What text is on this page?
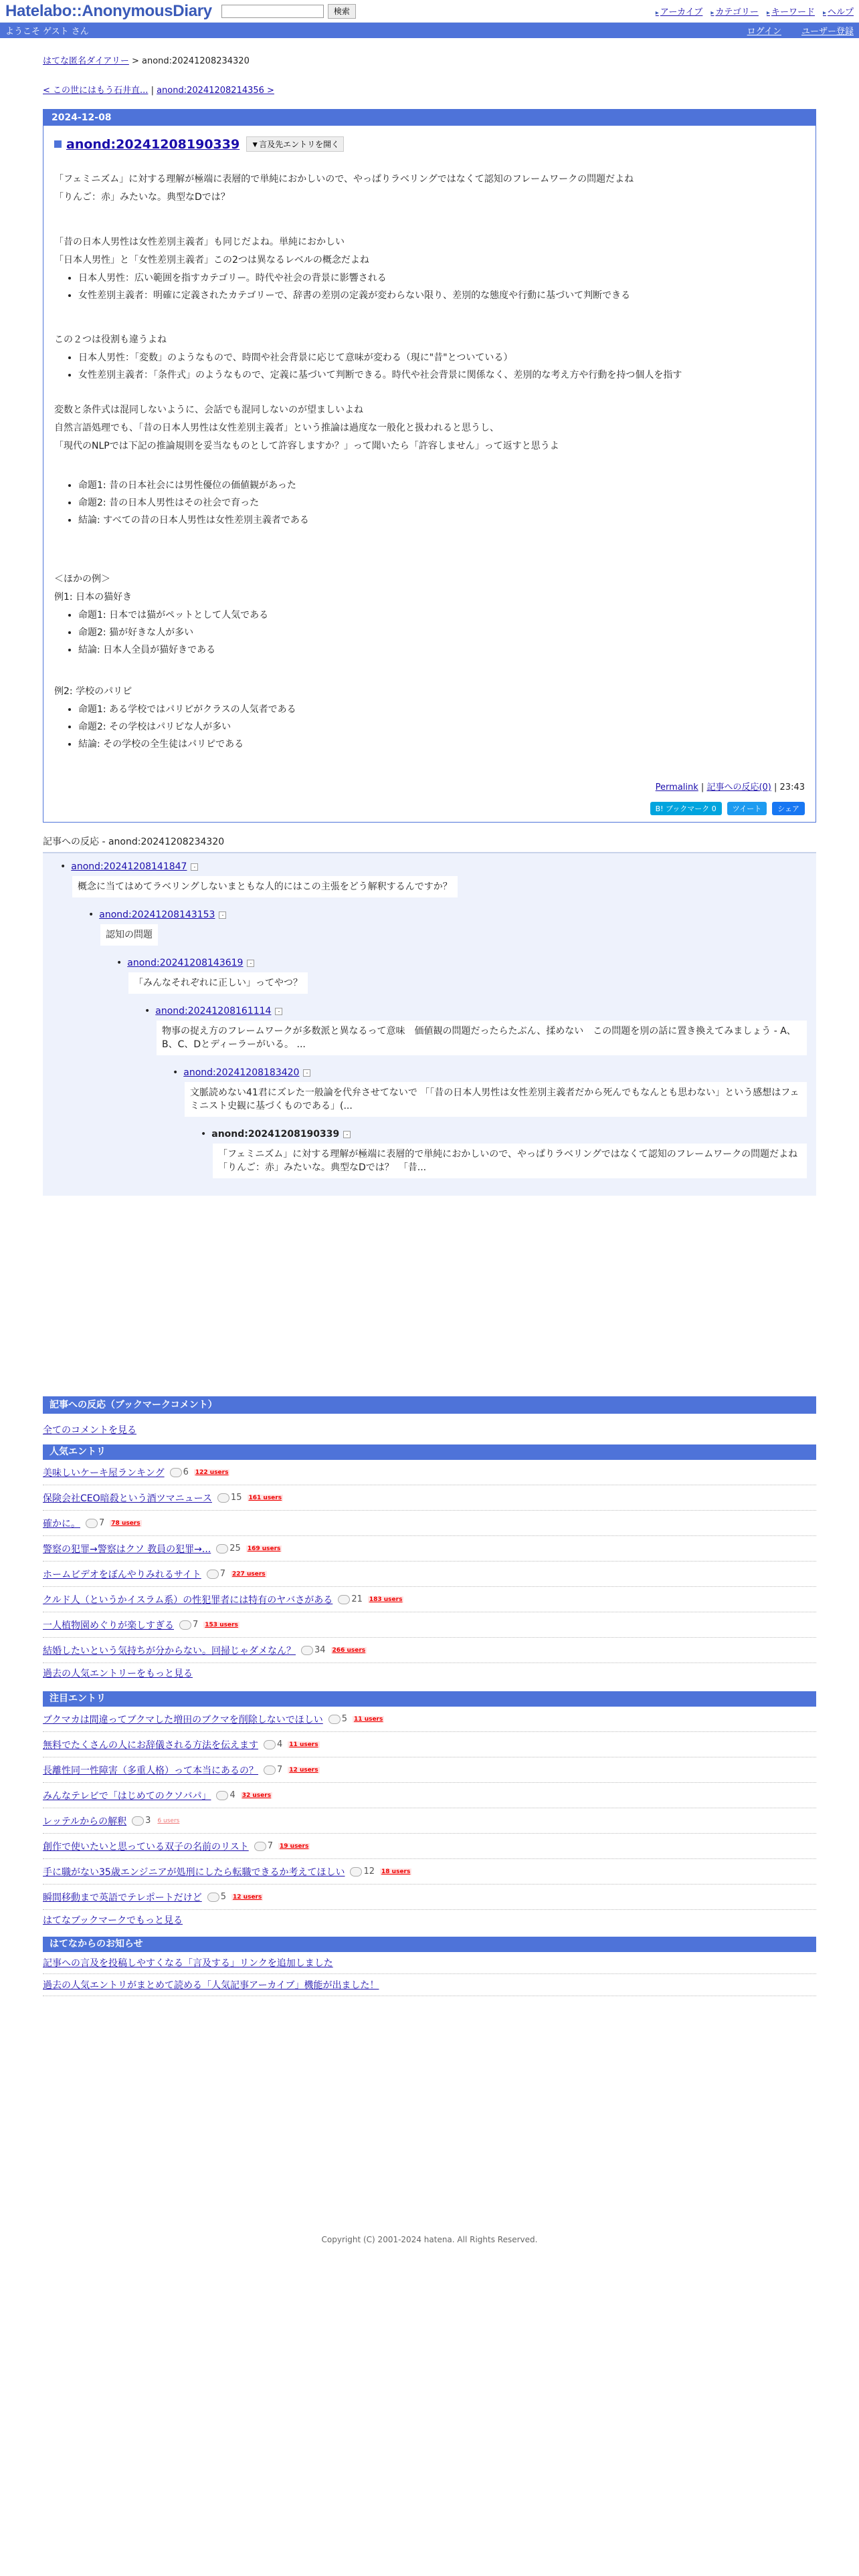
Hatelabo::AnonymousDiary	検索	▸ アーカイブ	▸ カテゴリー	▸ キーワード	▸ ヘルプ
ようこそ ゲスト さん	ログイン ユーザー登録
はてな匿名ダイアリー > anond:20241208234320
< この世にはもう石井直... | anond:20241208214356 >
2024-12-08
anond:20241208190339	▼言及先エントリを開く
「フェミニズム」に対する理解が極端に表層的で単純におかしいので、やっぱりラベリングではなくて認知のフレームワークの問題だよね
「りんご：赤」みたいな。典型なDでは？
「昔の日本人男性は女性差別主義者」も同じだよね。単純におかしい
「日本人男性」と「女性差別主義者」この2つは異なるレベルの概念だよね
• 日本人男性：広い範囲を指すカテゴリー。時代や社会の背景に影響される
• 女性差別主義者：明確に定義されたカテゴリーで、辞書の差別の定義が変わらない限り、差別的な態度や行動に基づいて判断できる
この２つは役割も違うよね
• 日本人男性：「変数」のようなもので、時間や社会背景に応じて意味が変わる（現に"昔"とついている）
• 女性差別主義者：「条件式」のようなもので、定義に基づいて判断できる。時代や社会背景に関係なく、差別的な考え方や行動を持つ個人を指す
変数と条件式は混同しないように、会話でも混同しないのが望ましいよね
自然言語処理でも、「昔の日本人男性は女性差別主義者」という推論は過度な一般化と扱われると思うし、
「現代のNLPでは下記の推論規則を妥当なものとして許容しますか？」って聞いたら「許容しません」って返すと思うよ
• 命題1: 昔の日本社会には男性優位の価値観があった
• 命題2: 昔の日本人男性はその社会で育った
• 結論: すべての昔の日本人男性は女性差別主義者である
＜ほかの例＞
例1: 日本の猫好き
• 命題1: 日本では猫がペットとして人気である
• 命題2: 猫が好きな人が多い
• 結論: 日本人全員が猫好きである
例2: 学校のパリピ
• 命題1: ある学校ではパリピがクラスの人気者である
• 命題2: その学校はパリピな人が多い
• 結論: その学校の全生徒はパリピである
Permalink | 記事への反応(0) | 23:43
B! ブックマーク 0	ツイート	シェア
記事への反応 - anond:20241208234320
• anond:20241208141847 -
概念に当てはめてラベリングしないまともな人的にはこの主張をどう解釈するんですか？
• anond:20241208143153 -
認知の問題
• anond:20241208143619 -
「みんなそれぞれに正しい」ってやつ？
• anond:20241208161114 -
物事の捉え方のフレームワークが多数派と異なるって意味　価値観の問題だったらたぶん、揉めない　この問題を別の話に置き換えてみましょう - A、B、C、Dとディーラーがいる。 ...
• anond:20241208183420 -
文脈読めない41君にズレた一般論を代弁させてないで 「「昔の日本人男性は女性差別主義者だから死んでもなんとも思わない」という感想はフェミニスト史観に基づくものである」(...
• anond:20241208190339 -
「フェミニズム」に対する理解が極端に表層的で単純におかしいので、やっぱりラベリングではなくて認知のフレームワークの問題だよね 「りんご：赤」みたいな。典型なDでは？　「昔...
記事への反応（ブックマークコメント）
全てのコメントを見る
人気エントリ
美味しいケーキ屋ランキング 6 122 users
保険会社CEO暗殺という酒ツマニュース 15 161 users
確かに。 7 78 users
警察の犯罪→警察はクソ 教員の犯罪→... 25 169 users
ホームビデオをぼんやりみれるサイト 7 227 users
クルド人（というかイスラム系）の性犯罪者には特有のヤバさがある 21 183 users
一人植物園めぐりが楽しすぎる 7 153 users
結婚したいという気持ちが分からない。回掃じゃダメなん？ 34 266 users
過去の人気エントリーをもっと見る
注目エントリ
ブクマカは間違ってブクマした増田のブクマを削除しないでほしい 5 11 users
無料でたくさんの人にお辞儀される方法を伝えます 4 11 users
長離性同一性障害（多重人格）って本当にあるの？ 7 12 users
みんなテレビで「はじめてのクソバパ」 4 32 users
レッテルからの解釈 3 6 users
創作で使いたいと思っている双子の名前のリスト 7 19 users
手に職がない35歳エンジニアが処刑にしたら転職できるか考えてほしい 12 18 users
瞬間移動まで英語でテレポートだけど 5 12 users
はてなブックマークでもっと見る
はてなからのお知らせ
記事への言及を投稿しやすくなる「言及する」リンクを追加しました
過去の人気エントリがまとめて読める「人気記事アーカイブ」機能が出ました！
Copyright (C) 2001-2024 hatena. All Rights Reserved.
